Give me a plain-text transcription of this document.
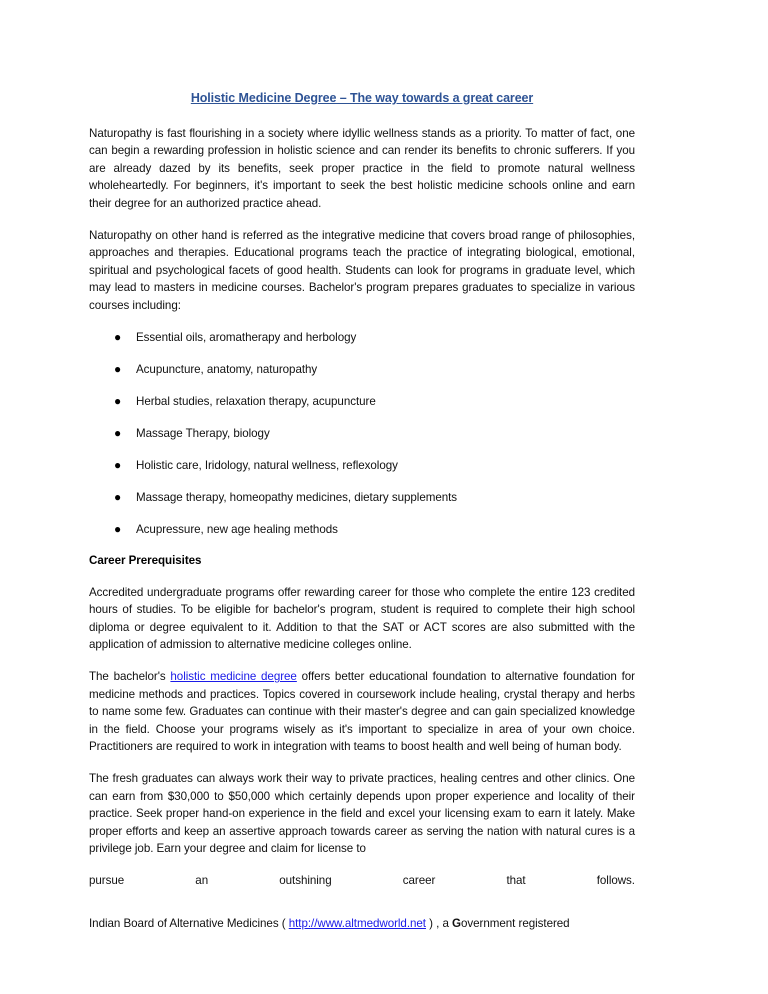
Holistic Medicine Degree – The way towards a great career

Naturopathy is fast flourishing in a society where idyllic wellness stands as a priority. To matter of fact, one can begin a rewarding profession in holistic science and can render its benefits to chronic sufferers. If you are already dazed by its benefits, seek proper practice in the field to promote natural wellness wholeheartedly. For beginners, it's important to seek the best holistic medicine schools online and earn their degree for an authorized practice ahead.

Naturopathy on other hand is referred as the integrative medicine that covers broad range of philosophies, approaches and therapies. Educational programs teach the practice of integrating biological, emotional, spiritual and psychological facets of good health. Students can look for programs in graduate level, which may lead to masters in medicine courses. Bachelor's program prepares graduates to specialize in various courses including:

● Essential oils, aromatherapy and herbology
● Acupuncture, anatomy, naturopathy
● Herbal studies, relaxation therapy, acupuncture
● Massage Therapy, biology
● Holistic care, Iridology, natural wellness, reflexology
● Massage therapy, homeopathy medicines, dietary supplements
● Acupressure, new age healing methods
Career Prerequisites

Accredited undergraduate programs offer rewarding career for those who complete the entire 123 credited hours of studies. To be eligible for bachelor's program, student is required to complete their high school diploma or degree equivalent to it. Addition to that the SAT or ACT scores are also submitted with the application of admission to alternative medicine colleges online.

The bachelor's holistic medicine degree offers better educational foundation to alternative foundation for medicine methods and practices. Topics covered in coursework include healing, crystal therapy and herbs to name some few. Graduates can continue with their master's degree and can gain specialized knowledge in the field. Choose your programs wisely as it's important to specialize in area of your own choice. Practitioners are required to work in integration with teams to boost health and well being of human body.

The fresh graduates can always work their way to private practices, healing centres and other clinics. One can earn from $30,000 to $50,000 which certainly depends upon proper experience and locality of their practice. Seek proper hand-on experience in the field and excel your licensing exam to earn it lately. Make proper efforts and keep an assertive approach towards career as serving the nation with natural cures is a privilege job. Earn your degree and claim for license to

pursue	an	outshining	career	that	follows.

Indian Board of Alternative Medicines ( http://www.altmedworld.net ) , a Government registered
